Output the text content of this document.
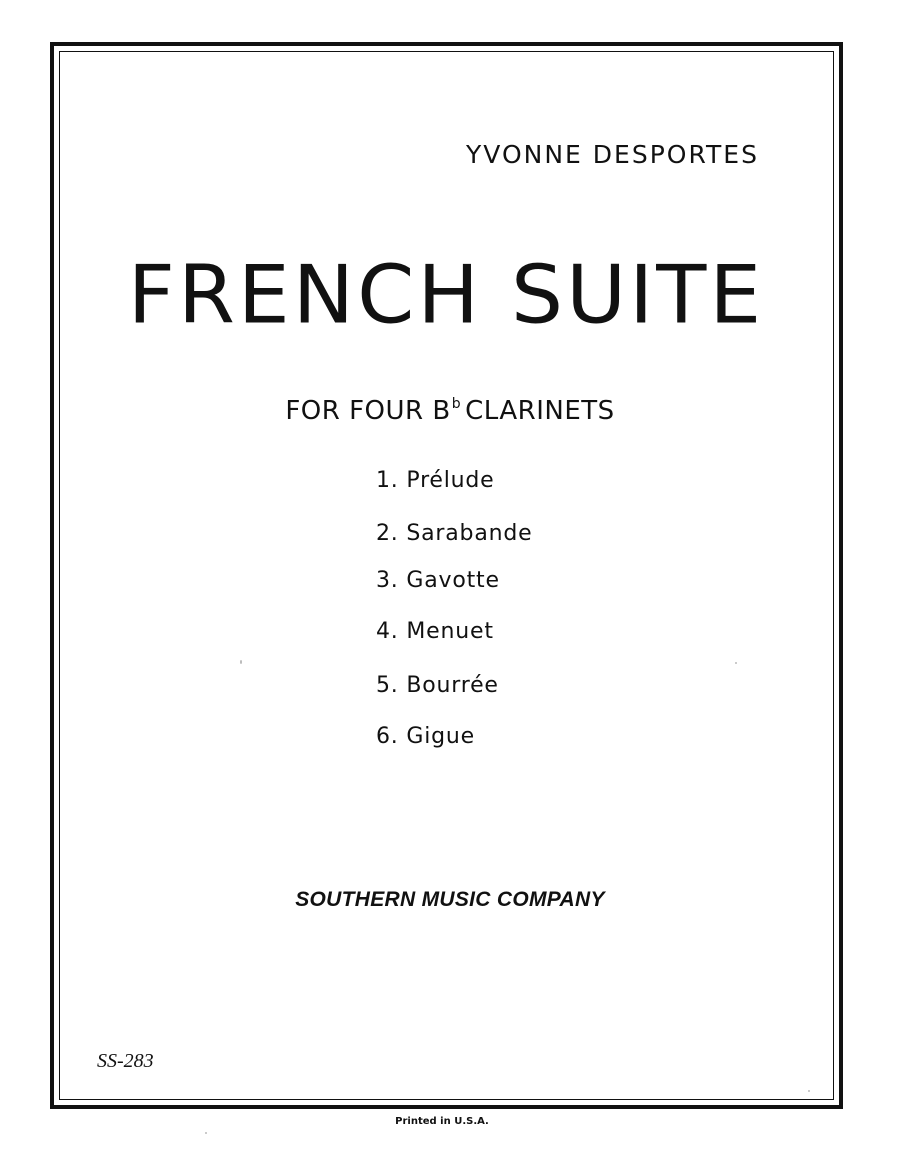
YVONNE DESPORTES

FRENCH SUITE

FOR FOUR $B^b$ CLARINETS

1. Prélude
2. Sarabande
3. Gavotte
4. Menuet
5. Bourrée
6. Gigue

SOUTHERN MUSIC COMPANY

SS-283

Printed in U.S.A.
